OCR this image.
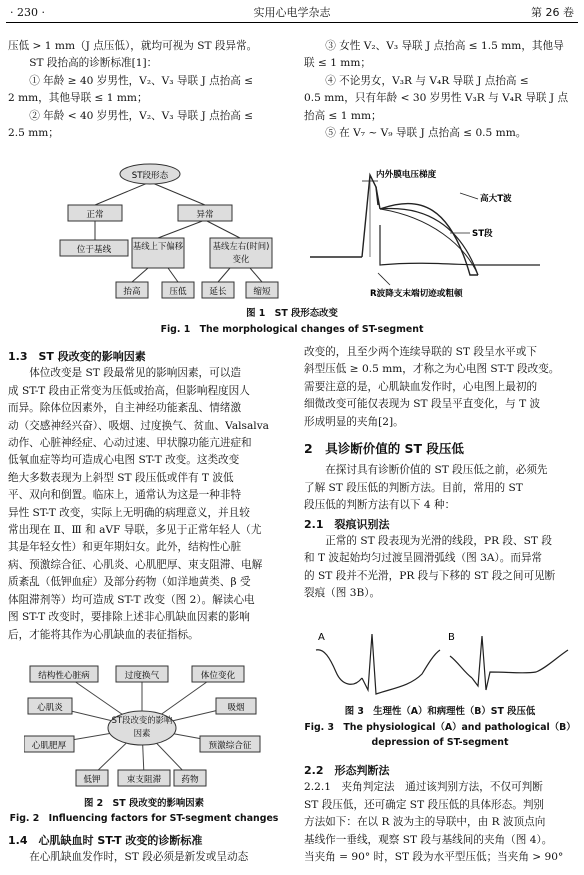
· 230 ·	实用心电学杂志	第 26 卷

压低 > 1 mm（J 点压低），就均可视为 ST 段异常。

ST 段抬高的诊断标准[1]：

① 年龄 ≥ 40 岁男性，V₂、V₃ 导联 J 点抬高 ≤

2 mm，其他导联 ≤ 1 mm；

② 年龄 < 40 岁男性，V₂、V₃ 导联 J 点抬高 ≤

2.5 mm；

③ 女性 V₂、V₃ 导联 J 点抬高 ≤ 1.5 mm，其他导

联 ≤ 1 mm；

④ 不论男女，V₃R 与 V₄R 导联 J 点抬高 ≤

0.5 mm，只有年龄 < 30 岁男性 V₃R 与 V₄R 导联 J 点

抬高 ≤ 1 mm；

⑤ 在 V₇ ~ V₉ 导联 J 点抬高 ≤ 0.5 mm。

ST段形态
正常	异常
位于基线	基线上下偏移	基线左右(时间)变化
抬高	压低	延长	缩短
内外膜电压梯度
高大T波
ST段
R波降支末端切迹或粗顿
图 1　ST 段形态改变
Fig. 1　The morphological changes of ST-segment

1.3　ST 段改变的影响因素

体位改变是 ST 段最常见的影响因素，可以造

成 ST-T 段由正常变为压低或抬高，但影响程度因人

而异。除体位因素外，自主神经功能紊乱、情绪激

动（交感神经兴奋）、吸烟、过度换气、贫血、Valsalva

动作、心脏神经症、心动过速、甲状腺功能亢进症和

低氧血症等均可造成心电图 ST-T 改变。这类改变

绝大多数表现为上斜型 ST 段压低或伴有 T 波低

平、双向和倒置。临床上，通常认为这是一种非特

异性 ST-T 改变，实际上无明确的病理意义，并且较

常出现在 Ⅱ、Ⅲ 和 aVF 导联，多见于正常年轻人（尤

其是年轻女性）和更年期妇女。此外，结构性心脏

病、预激综合征、心肌炎、心肌肥厚、束支阻滞、电解

质紊乱（低钾血症）及部分药物（如洋地黄类、β 受

体阻滞剂等）均可造成 ST-T 改变（图 2）。解读心电

图 ST-T 改变时，要排除上述非心肌缺血因素的影响

后，才能将其作为心肌缺血的表征指标。

ST段改变的影响因素
结构性心脏病	过度换气	体位变化
心肌炎	吸烟
心肌肥厚	预激综合征
低钾	束支阻滞 药物
图 2　ST 段改变的影响因素
Fig. 2　Influencing factors for ST-segment changes

1.4　心肌缺血时 ST-T 改变的诊断标准

在心肌缺血发作时，ST 段必须是新发或呈动态

改变的，且至少两个连续导联的 ST 段呈水平或下

斜型压低 ≥ 0.5 mm，才称之为心电图 ST-T 段改变。

需要注意的是，心肌缺血发作时，心电图上最初的

细微改变可能仅表现为 ST 段呈平直变化，与 T 波

形成明显的夹角[2]。

2　具诊断价值的 ST 段压低

在探讨具有诊断价值的 ST 段压低之前，必须先

了解 ST 段压低的判断方法。目前，常用的 ST

段压低的判断方法有以下 4 种：

2.1　裂痕识别法

正常的 ST 段表现为光滑的线段，PR 段、ST 段

和 T 波起始均匀过渡呈圆滑弧线（图 3A）。而异常

的 ST 段并不光滑，PR 段与下移的 ST 段之间可见断

裂痕（图 3B）。

A	B
图 3　生理性（A）和病理性（B）ST 段压低
Fig. 3　The physiological（A）and pathological（B）
depression of ST-segment

2.2　形态判断法

2.2.1　夹角判定法　通过该判别方法，不仅可判断

ST 段压低，还可确定 ST 段压低的具体形态。判别

方法如下：在以 R 波为主的导联中，由 R 波顶点向

基线作一垂线，观察 ST 段与基线间的夹角（图 4）。

当夹角 = 90° 时，ST 段为水平型压低；当夹角 > 90°
